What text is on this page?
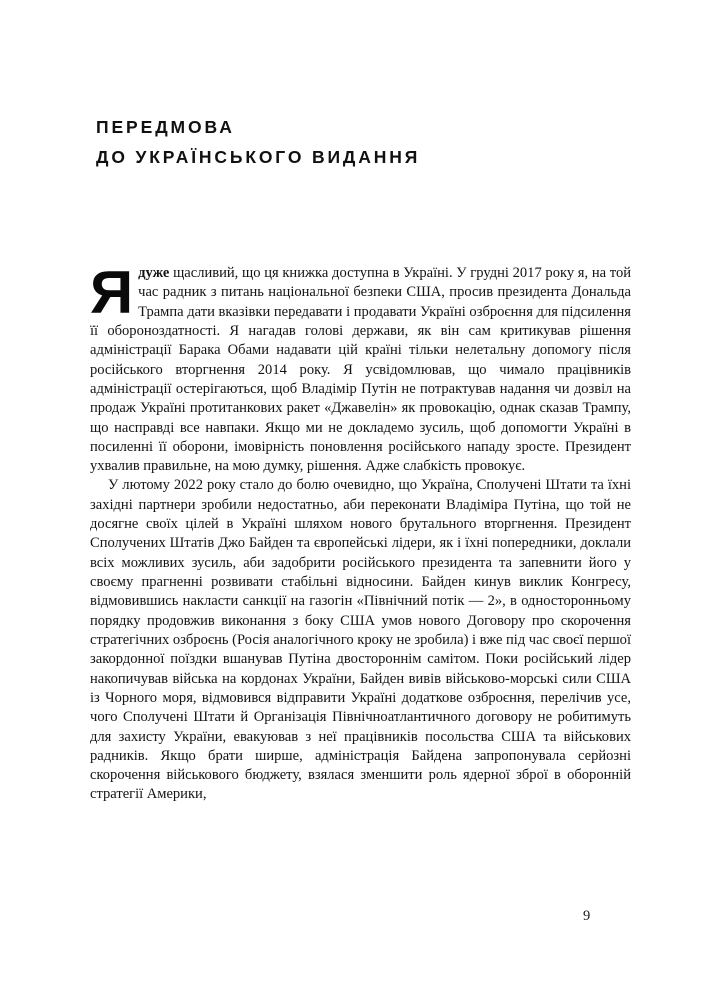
ПЕРЕДМОВА
ДО УКРАЇНСЬКОГО ВИДАННЯ

Ядуже щасливий, що ця книжка доступна в Україні. У грудні 2017 року я, на той час радник з питань національної безпеки США, просив президента Дональда Трампа дати вказівки передавати і продавати Україні озброєння для підсилення її обороноздатності. Я нагадав голові держави, як він сам критикував рішення адміністрації Барака Обами надавати цій країні тільки нелетальну допомогу після російського вторгнення 2014 року. Я усвідомлював, що чимало працівників адміністрації остерігаються, щоб Владімір Путін не потрактував надання чи дозвіл на продаж Україні протитанкових ракет «Джавелін» як провокацію, однак сказав Трампу, що насправді все навпаки. Якщо ми не докладемо зусиль, щоб допомогти Україні в посиленні її оборони, імовірність поновлення російського нападу зросте. Президент ухвалив правильне, на мою думку, рішення. Адже слабкість провокує.

У лютому 2022 року стало до болю очевидно, що Україна, Сполучені Штати та їхні західні партнери зробили недостатньо, аби переконати Владіміра Путіна, що той не досягне своїх цілей в Україні шляхом нового брутального вторгнення. Президент Сполучених Штатів Джо Байден та європейські лідери, як і їхні попередники, доклали всіх можливих зусиль, аби задобрити російського президента та запевнити його у своєму прагненні розвивати стабільні відносини. Байден кинув виклик Конгресу, відмовившись накласти санкції на газогін «Північний потік — 2», в односторонньому порядку продовжив виконання з боку США умов нового Договору про скорочення стратегічних озброєнь (Росія аналогічного кроку не зробила) і вже під час своєї першої закордонної поїздки вшанував Путіна двостороннім самітом. Поки російський лідер накопичував війська на кордонах України, Байден вивів військово-морські сили США із Чорного моря, відмовився відправити Україні додаткове озброєння, перелічив усе, чого Сполучені Штати й Організація Північноатлантичного договору не робитимуть для захисту України, евакуював з неї працівників посольства США та військових радників. Якщо брати ширше, адміністрація Байдена запропонувала серйозні скорочення військового бюджету, взялася зменшити роль ядерної зброї в оборонній стратегії Америки,

9
